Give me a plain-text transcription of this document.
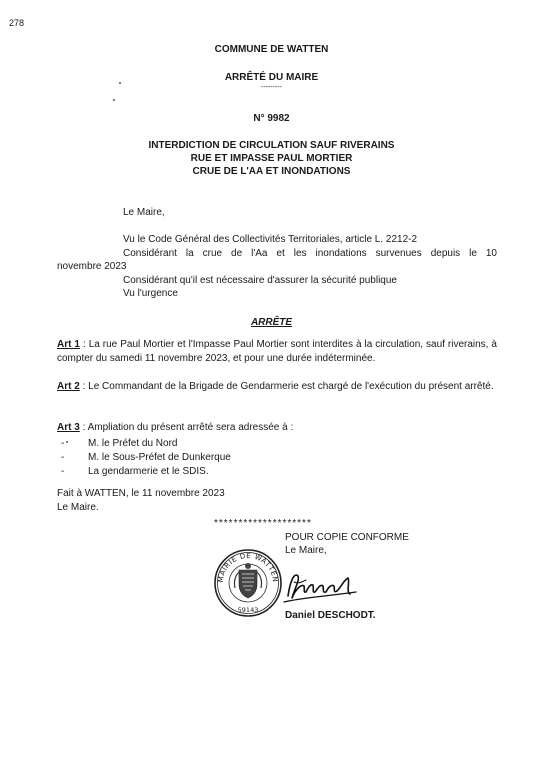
278
COMMUNE DE WATTEN
ARRÊTÉ DU MAIRE
---------
N° 9982
INTERDICTION DE CIRCULATION SAUF RIVERAINS
RUE ET IMPASSE PAUL MORTIER
CRUE DE L'AA ET INONDATIONS
Le Maire,
Vu le Code Général des Collectivités Territoriales, article L. 2212-2
Considérant la crue de l'Aa et les inondations survenues depuis le 10
novembre 2023
Considérant qu'il est nécessaire d'assurer la sécurité publique
Vu l'urgence
ARRÊTE
Art 1 : La rue Paul Mortier et l'Impasse Paul Mortier sont interdites à la circulation, sauf riverains, à compter du samedi 11 novembre 2023, et pour une durée indéterminée.
Art 2 : Le Commandant de la Brigade de Gendarmerie est chargé de l'exécution du présent arrêté.
Art 3 : Ampliation du présent arrêté sera adressée à :
- M. le Préfet du Nord
- M. le Sous-Préfet de Dunkerque
- La gendarmerie et le SDIS.
Fait à WATTEN, le 11 novembre 2023
Le Maire.
********************
POUR COPIE CONFORME
Le Maire,
Daniel DESCHODT.
MAIRIE DE WATTEN
59143
